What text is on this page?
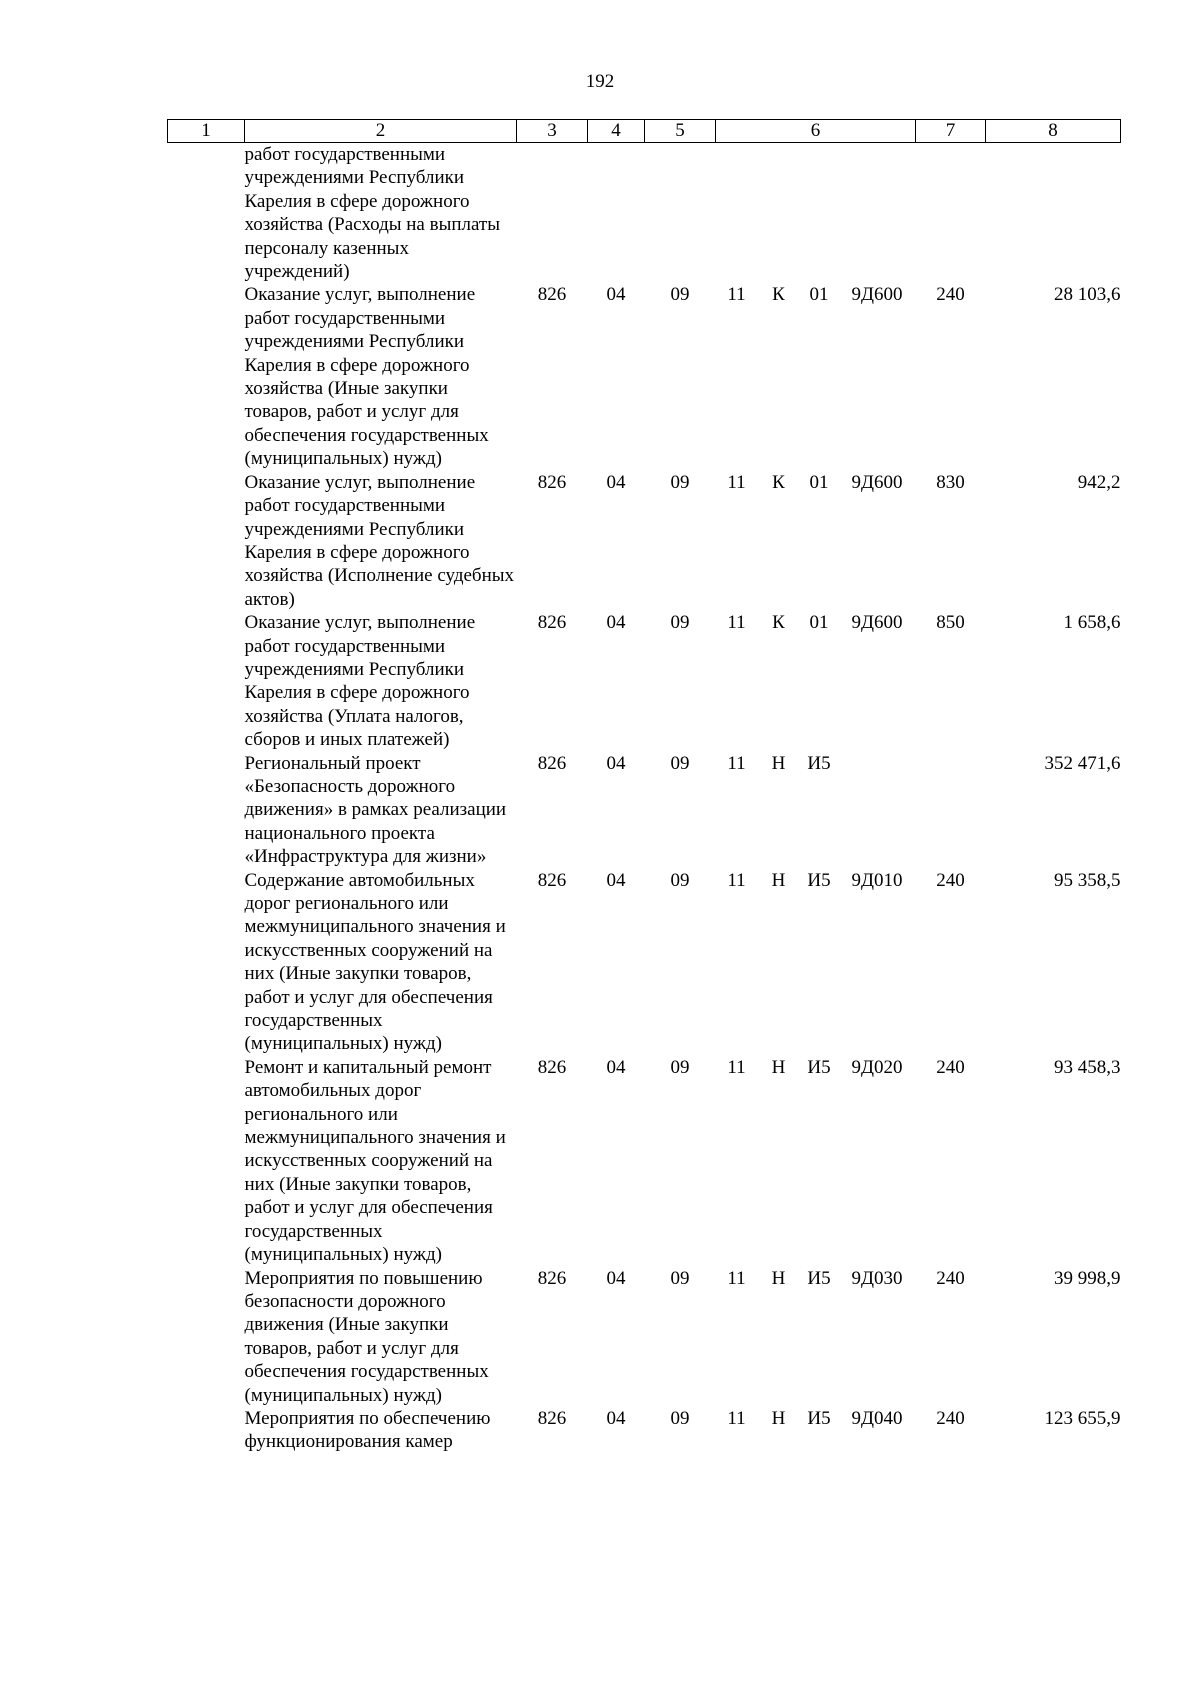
192
1	2	3	4	5	6				7	8
	работ государственными учреждениями Республики Карелия в сфере дорожного хозяйства (Расходы на выплаты персоналу казенных учреждений)									
	Оказание услуг, выполнение работ государственными учреждениями Республики Карелия в сфере дорожного хозяйства (Иные закупки товаров, работ и услуг для обеспечения государственных (муниципальных) нужд)	826	04	09	11	К	01	9Д600	240	28 103,6
	Оказание услуг, выполнение работ государственными учреждениями Республики Карелия в сфере дорожного хозяйства (Исполнение судебных актов)	826	04	09	11	К	01	9Д600	830	942,2
	Оказание услуг, выполнение работ государственными учреждениями Республики Карелия в сфере дорожного хозяйства (Уплата налогов, сборов и иных платежей)	826	04	09	11	К	01	9Д600	850	1 658,6
	Региональный проект «Безопасность дорожного движения» в рамках реализации национального проекта «Инфраструктура для жизни»	826	04	09	11	Н	И5			352 471,6
	Содержание автомобильных дорог регионального или межмуниципального значения и искусственных сооружений на них (Иные закупки товаров, работ и услуг для обеспечения государственных (муниципальных) нужд)	826	04	09	11	Н	И5	9Д010	240	95 358,5
	Ремонт и капитальный ремонт автомобильных дорог регионального или межмуниципального значения и искусственных сооружений на них (Иные закупки товаров, работ и услуг для обеспечения государственных (муниципальных) нужд)	826	04	09	11	Н	И5	9Д020	240	93 458,3
	Мероприятия по повышению безопасности дорожного движения (Иные закупки товаров, работ и услуг для обеспечения государственных (муниципальных) нужд)	826	04	09	11	Н	И5	9Д030	240	39 998,9
	Мероприятия по обеспечению функционирования камер	826	04	09	11	Н	И5	9Д040	240	123 655,9
